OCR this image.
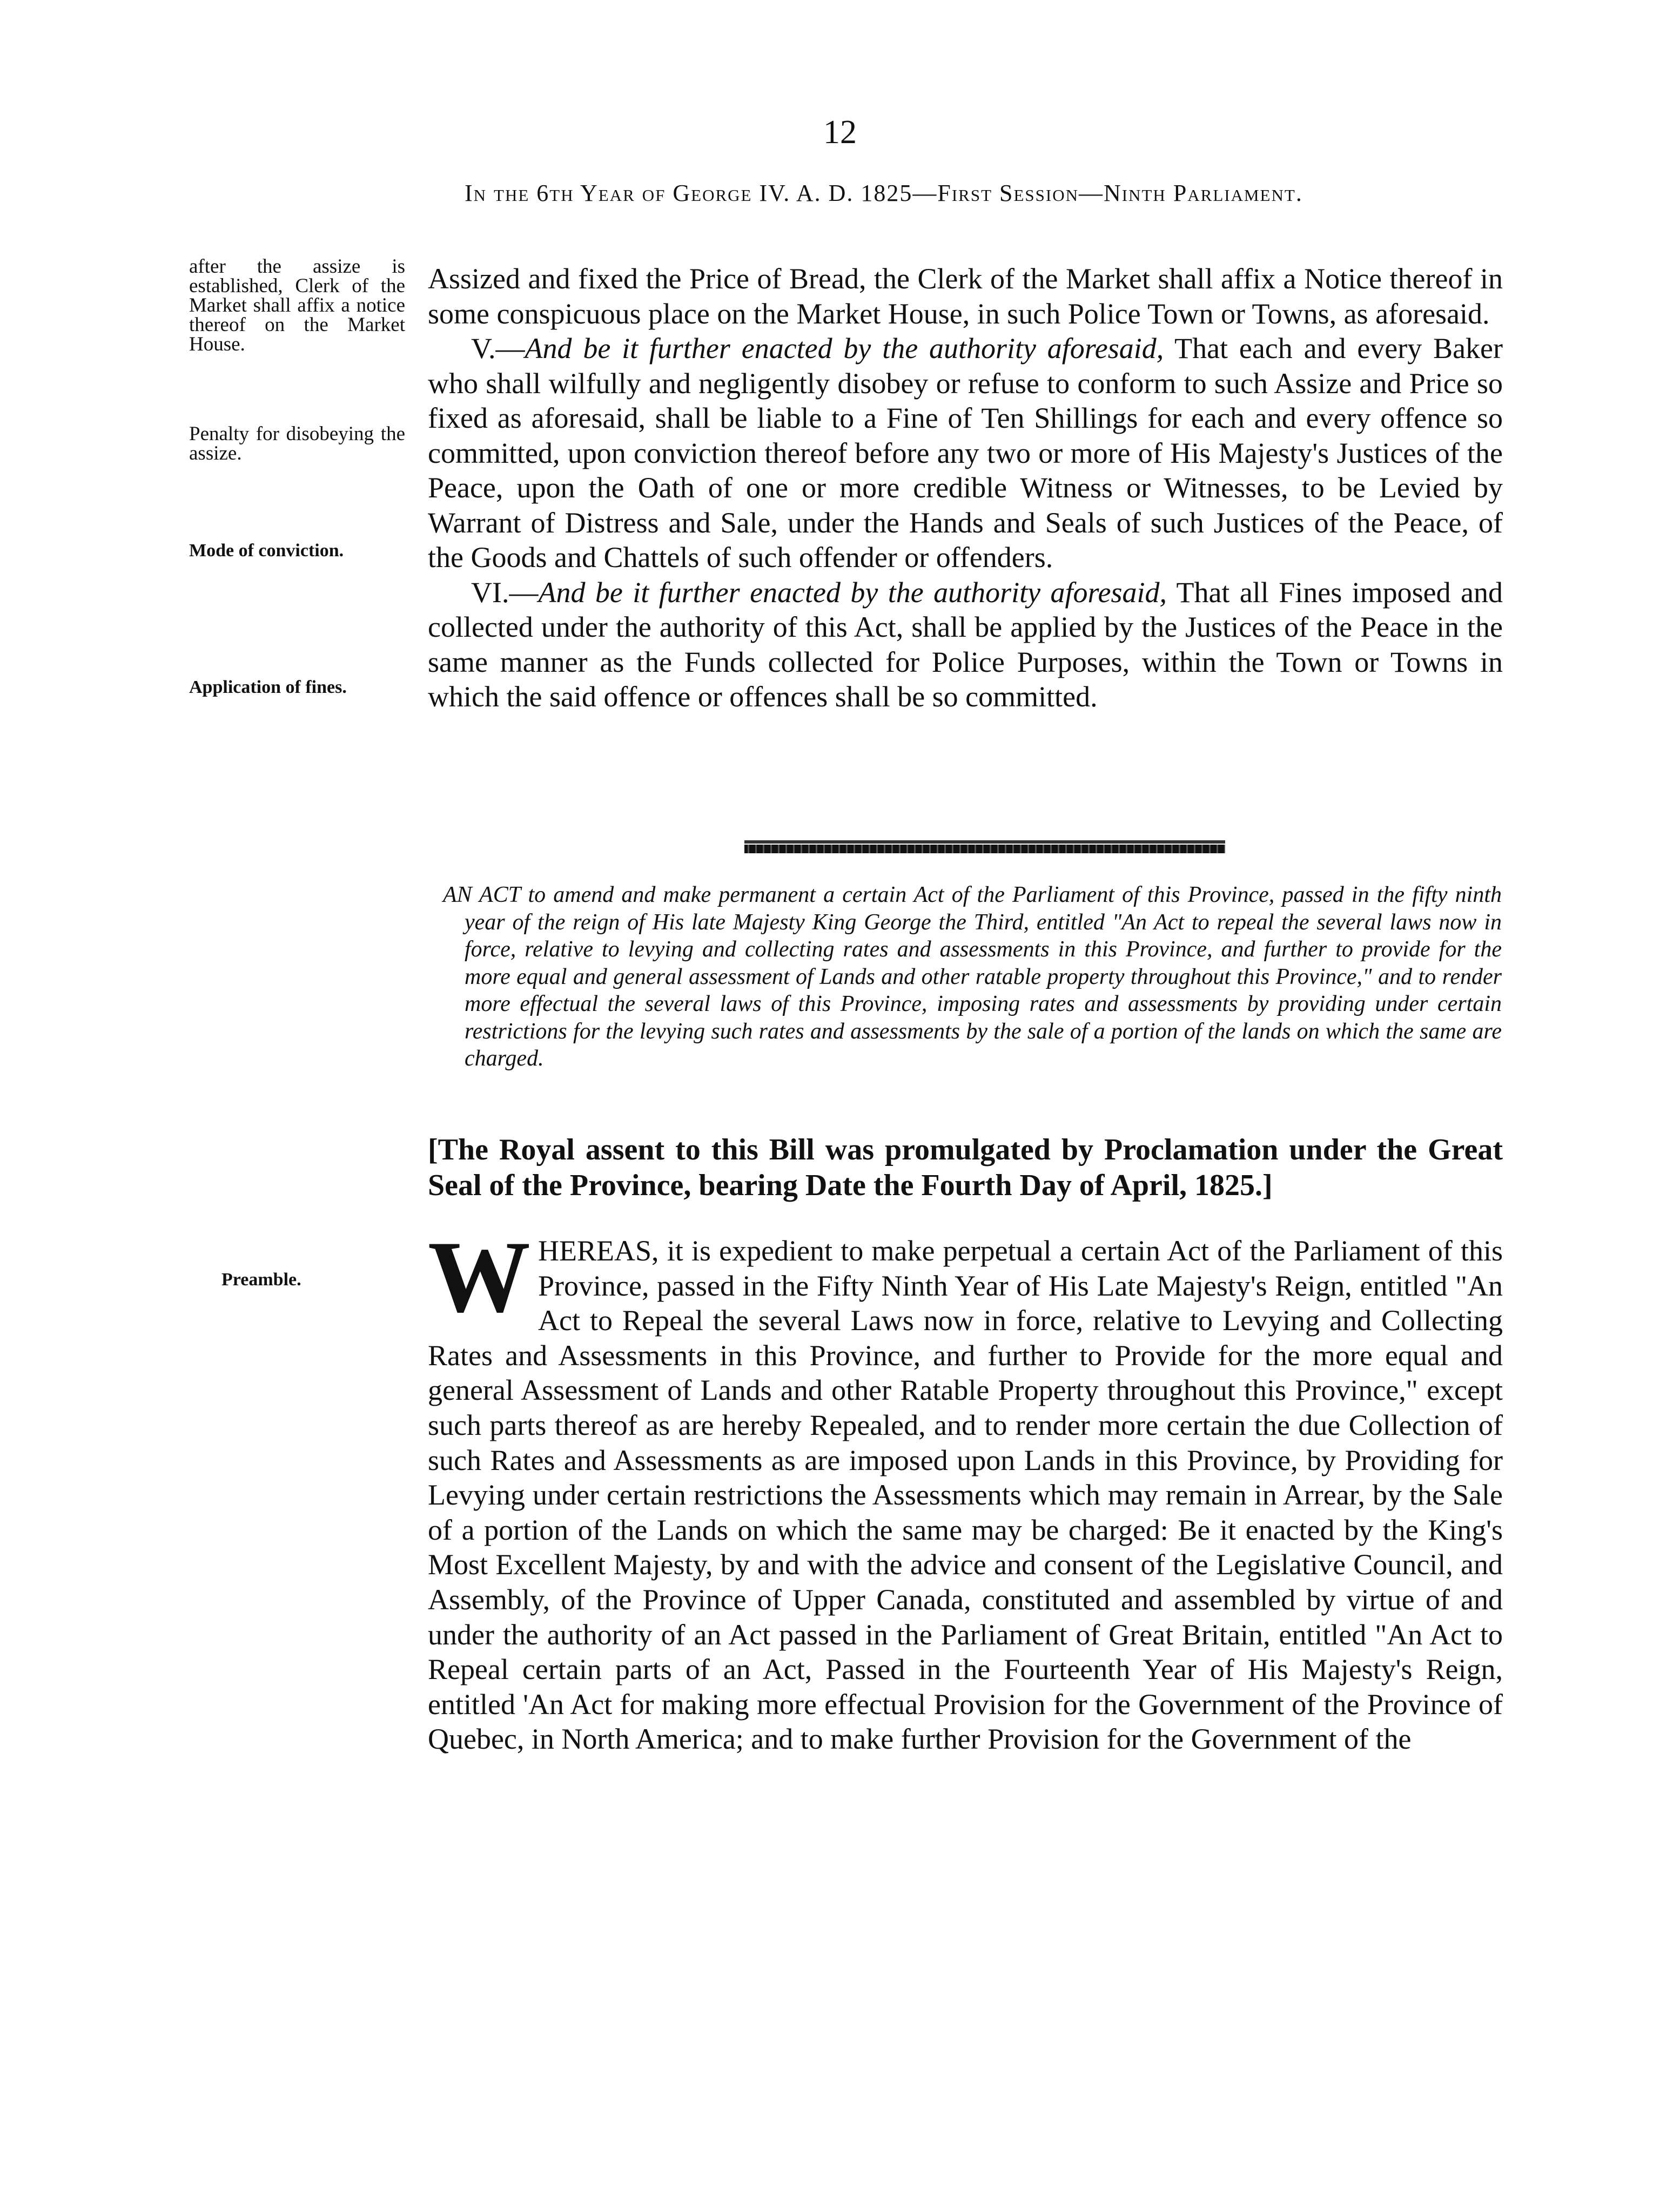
12
In the 6th Year of George IV. A. D. 1825—First Session—Ninth Parliament.
after the assize is established, Clerk of the Market shall affix a notice thereof on the Market House.
Penalty for disobeying the assize.
Mode of conviction.
Application of fines.
Preamble.

Assized and fixed the Price of Bread, the Clerk of the Market shall affix a Notice thereof in some conspicuous place on the Market House, in such Police Town or Towns, as aforesaid.

V.—And be it further enacted by the authority aforesaid, That each and every Baker who shall wilfully and negligently disobey or refuse to conform to such Assize and Price so fixed as aforesaid, shall be liable to a Fine of Ten Shillings for each and every offence so committed, upon conviction thereof before any two or more of His Majesty's Justices of the Peace, upon the Oath of one or more credible Witness or Witnesses, to be Levied by Warrant of Distress and Sale, under the Hands and Seals of such Justices of the Peace, of the Goods and Chattels of such offender or offenders.

VI.—And be it further enacted by the authority aforesaid, That all Fines imposed and collected under the authority of this Act, shall be applied by the Justices of the Peace in the same manner as the Funds collected for Police Purposes, within the Town or Towns in which the said offence or offences shall be so committed.

AN ACT to amend and make permanent a certain Act of the Parliament of this Province, passed in the fifty ninth year of the reign of His late Majesty King George the Third, entitled "An Act to repeal the several laws now in force, relative to levying and collecting rates and assessments in this Province, and further to provide for the more equal and general assessment of Lands and other ratable property throughout this Province," and to render more effectual the several laws of this Province, imposing rates and assessments by providing under certain restrictions for the levying such rates and assessments by the sale of a portion of the lands on which the same are charged.
[The Royal assent to this Bill was promulgated by Proclamation under the Great Seal of the Province, bearing Date the Fourth Day of April, 1825.]
WHEREAS, it is expedient to make perpetual a certain Act of the Parliament of this Province, passed in the Fifty Ninth Year of His Late Majesty's Reign, entitled "An Act to Repeal the several Laws now in force, relative to Levying and Collecting Rates and Assessments in this Province, and further to Provide for the more equal and general Assessment of Lands and other Ratable Property throughout this Province," except such parts thereof as are hereby Repealed, and to render more certain the due Collection of such Rates and Assessments as are imposed upon Lands in this Province, by Providing for Levying under certain restrictions the Assessments which may remain in Arrear, by the Sale of a portion of the Lands on which the same may be charged: Be it enacted by the King's Most Excellent Majesty, by and with the advice and consent of the Legislative Council, and Assembly, of the Province of Upper Canada, constituted and assembled by virtue of and under the authority of an Act passed in the Parliament of Great Britain, entitled "An Act to Repeal certain parts of an Act, Passed in the Fourteenth Year of His Majesty's Reign, entitled 'An Act for making more effectual Provision for the Government of the Province of Quebec, in North America; and to make further Provision for the Government of the
